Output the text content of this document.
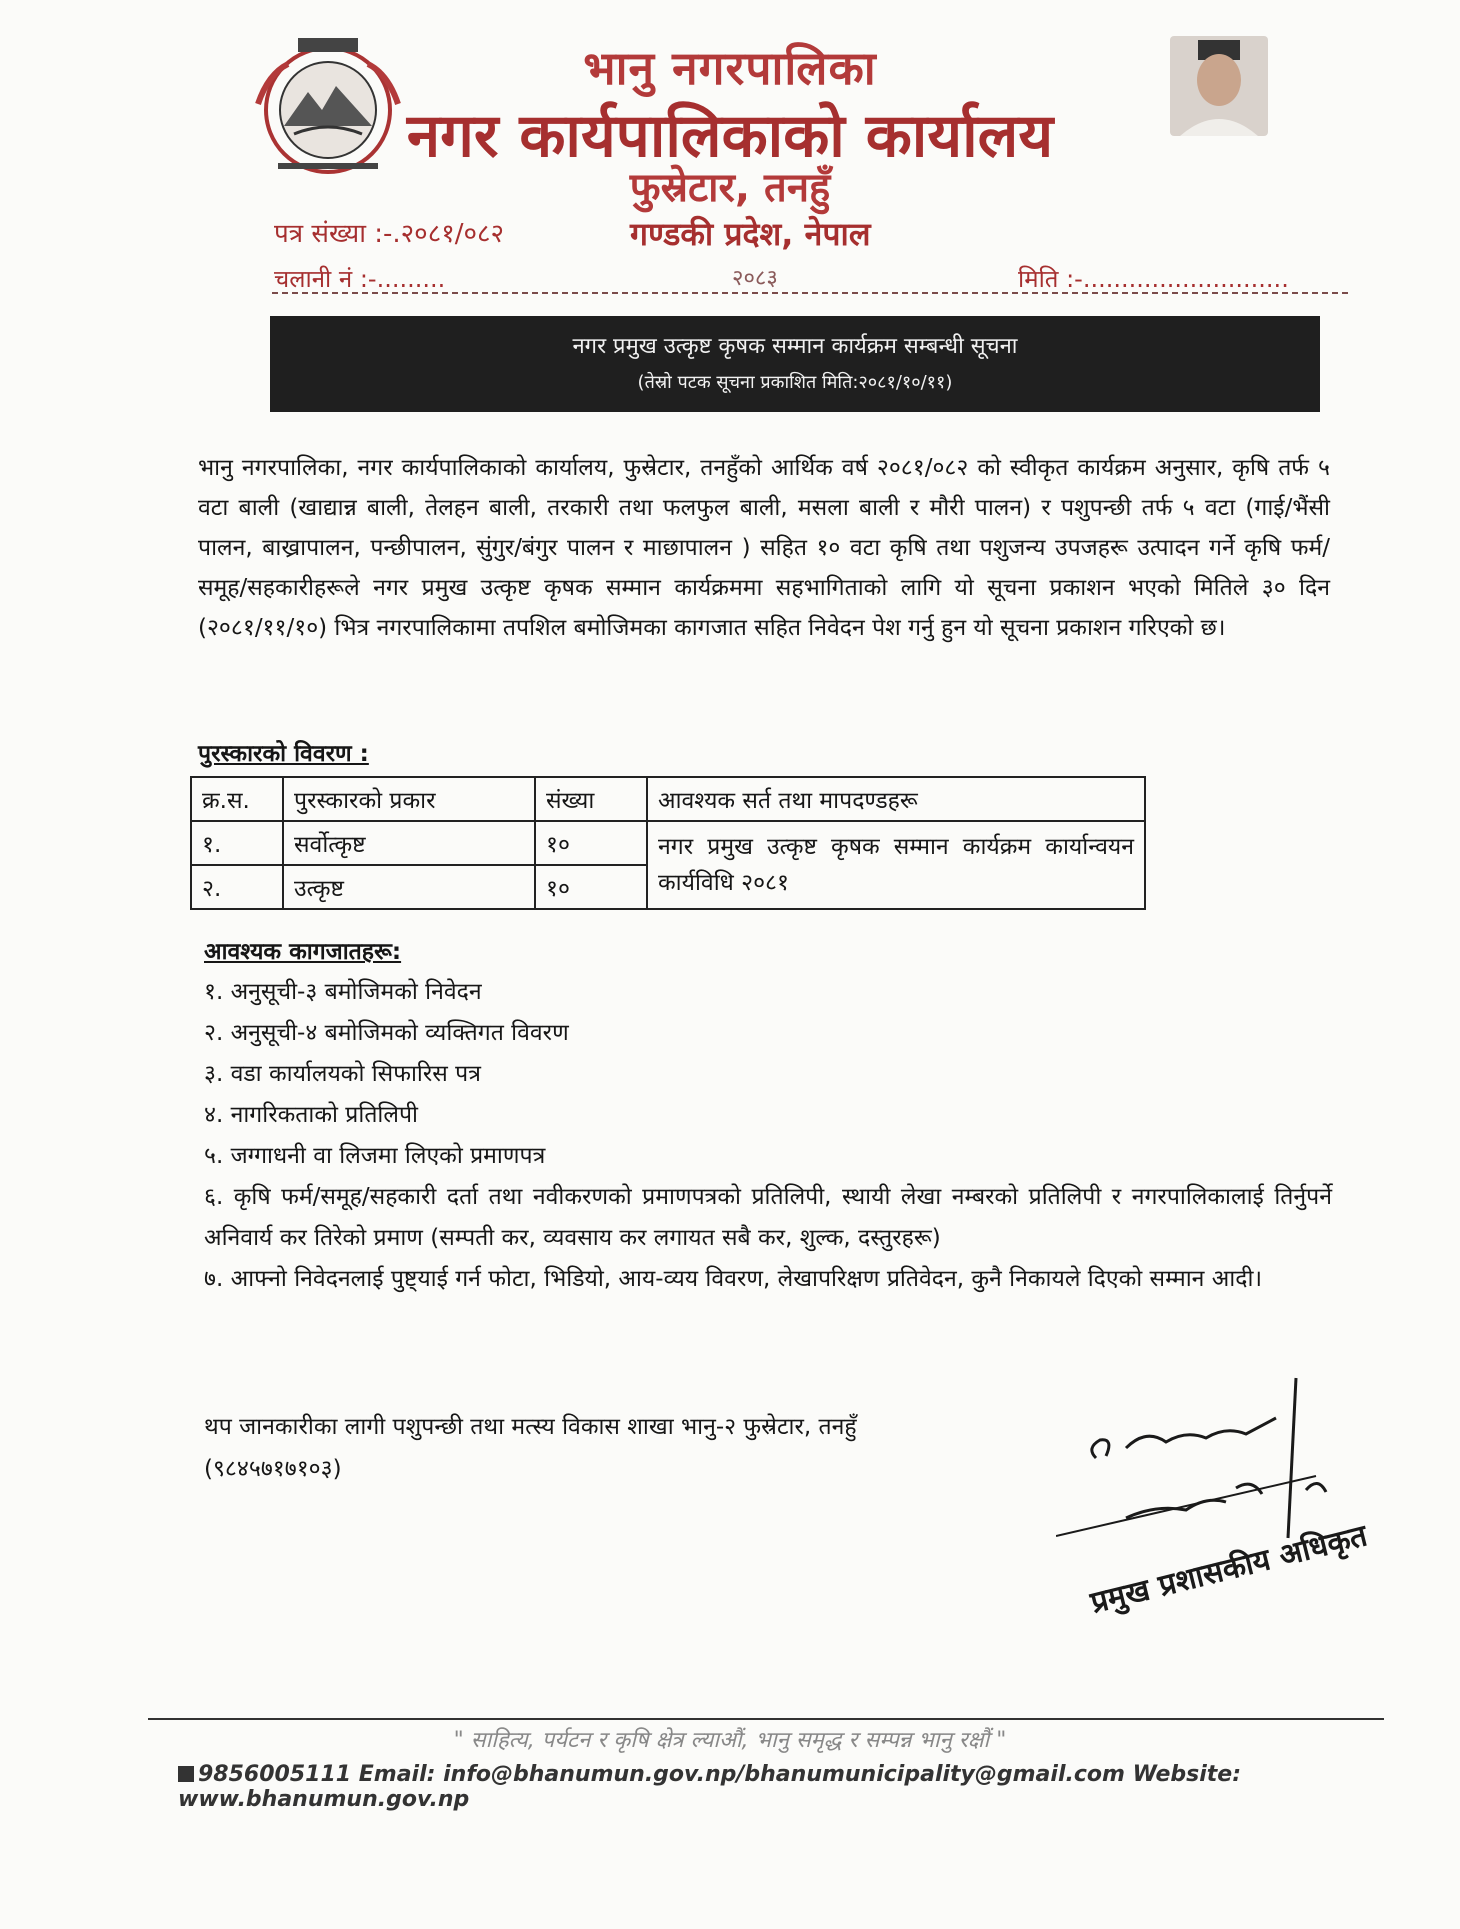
भानु नगरपालिका
नगर कार्यपालिकाको कार्यालय
फुस्रेटार, तनहुँ
गण्डकी प्रदेश, नेपाल
पत्र संख्या :-.२०८१/०८२
चलानी नं :-.........	२०८३	मिति :-...........................
नगर प्रमुख उत्कृष्ट कृषक सम्मान कार्यक्रम सम्बन्धी सूचना
(तेस्रो पटक सूचना प्रकाशित मिति:२०८१/१०/११)
भानु नगरपालिका, नगर कार्यपालिकाको कार्यालय, फुस्रेटार, तनहुँको आर्थिक वर्ष २०८१/०८२ को स्वीकृत कार्यक्रम अनुसार, कृषि तर्फ ५ वटा बाली (खाद्यान्न बाली, तेलहन बाली, तरकारी तथा फलफुल बाली, मसला बाली र मौरी पालन) र पशुपन्छी तर्फ ५ वटा (गाई/भैंसी पालन, बाख्रापालन, पन्छीपालन, सुंगुर/बंगुर पालन र माछापालन ) सहित १० वटा कृषि तथा पशुजन्य उपजहरू उत्पादन गर्ने कृषि फर्म/समूह/सहकारीहरूले नगर प्रमुख उत्कृष्ट कृषक सम्मान कार्यक्रममा सहभागिताको लागि यो सूचना प्रकाशन भएको मितिले ३० दिन (२०८१/११/१०) भित्र नगरपालिकामा तपशिल बमोजिमका कागजात सहित निवेदन पेश गर्नु हुन यो सूचना प्रकाशन गरिएको छ।
पुरस्कारको विवरण :
क्र.स.	पुरस्कारको प्रकार	संख्या	आवश्यक सर्त तथा मापदण्डहरू
१.	सर्वोत्कृष्ट	१०	नगर प्रमुख उत्कृष्ट कृषक सम्मान कार्यक्रम कार्यान्वयन कार्यविधि २०८१
२.	उत्कृष्ट	१०	
आवश्यक कागजातहरू:

१. अनुसूची-३ बमोजिमको निवेदन

२. अनुसूची-४ बमोजिमको व्यक्तिगत विवरण

३. वडा कार्यालयको सिफारिस पत्र

४. नागरिकताको प्रतिलिपी

५. जग्गाधनी वा लिजमा लिएको प्रमाणपत्र

६. कृषि फर्म/समूह/सहकारी दर्ता तथा नवीकरणको प्रमाणपत्रको प्रतिलिपी, स्थायी लेखा नम्बरको प्रतिलिपी र नगरपालिकालाई तिर्नुपर्ने अनिवार्य कर तिरेको प्रमाण (सम्पती कर, व्यवसाय कर लगायत सबै कर, शुल्क, दस्तुरहरू)

७. आफ्नो निवेदनलाई पुष्ट्याई गर्न फोटा, भिडियो, आय-व्यय विवरण, लेखापरिक्षण प्रतिवेदन, कुनै निकायले दिएको सम्मान आदी।

थप जानकारीका लागी पशुपन्छी तथा मत्स्य विकास शाखा भानु-२ फुस्रेटार, तनहुँ
(९८४५७१७१०३)
प्रमुख प्रशासकीय अधिकृत
" साहित्य, पर्यटन र कृषि क्षेत्र ल्याऔं, भानु समृद्ध र सम्पन्न भानु रक्षौं "
9856005111 Email: info@bhanumun.gov.np/bhanumunicipality@gmail.com Website: www.bhanumun.gov.np
